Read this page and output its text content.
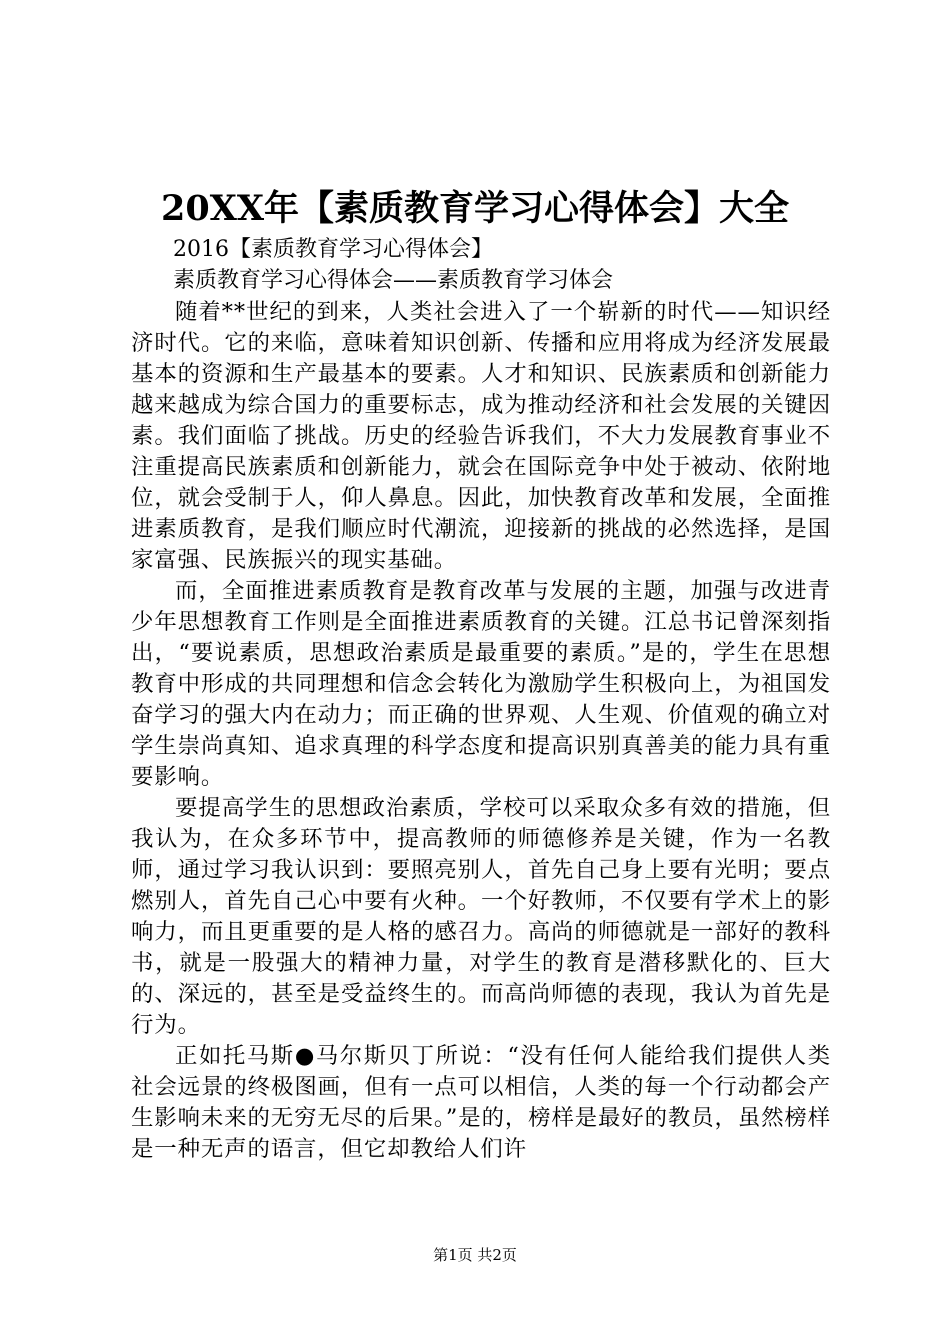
20XX年【素质教育学习心得体会】大全
2016【素质教育学习心得体会】
素质教育学习心得体会——素质教育学习体会

随着**世纪的到来，人类社会进入了一个崭新的时代——知识经济时代。它的来临，意味着知识创新、传播和应用将成为经济发展最基本的资源和生产最基本的要素。人才和知识、民族素质和创新能力越来越成为综合国力的重要标志，成为推动经济和社会发展的关键因素。我们面临了挑战。历史的经验告诉我们，不大力发展教育事业不注重提高民族素质和创新能力，就会在国际竞争中处于被动、依附地位，就会受制于人，仰人鼻息。因此，加快教育改革和发展，全面推进素质教育，是我们顺应时代潮流，迎接新的挑战的必然选择，是国家富强、民族振兴的现实基础。

而，全面推进素质教育是教育改革与发展的主题，加强与改进青少年思想教育工作则是全面推进素质教育的关键。江总书记曾深刻指出，“要说素质，思想政治素质是最重要的素质。”是的，学生在思想教育中形成的共同理想和信念会转化为激励学生积极向上，为祖国发奋学习的强大内在动力；而正确的世界观、人生观、价值观的确立对学生崇尚真知、追求真理的科学态度和提高识别真善美的能力具有重要影响。

要提高学生的思想政治素质，学校可以采取众多有效的措施，但我认为，在众多环节中，提高教师的师德修养是关键，作为一名教师，通过学习我认识到：要照亮别人，首先自己身上要有光明；要点燃别人，首先自己心中要有火种。一个好教师，不仅要有学术上的影响力，而且更重要的是人格的感召力。高尚的师德就是一部好的教科书，就是一股强大的精神力量，对学生的教育是潜移默化的、巨大的、深远的，甚至是受益终生的。而高尚师德的表现，我认为首先是行为。

正如托马斯●马尔斯贝丁所说：“没有任何人能给我们提供人类社会远景的终极图画，但有一点可以相信，人类的每一个行动都会产生影响未来的无穷无尽的后果。”是的，榜样是最好的教员，虽然榜样是一种无声的语言，但它却教给人们许

第1页 共2页
